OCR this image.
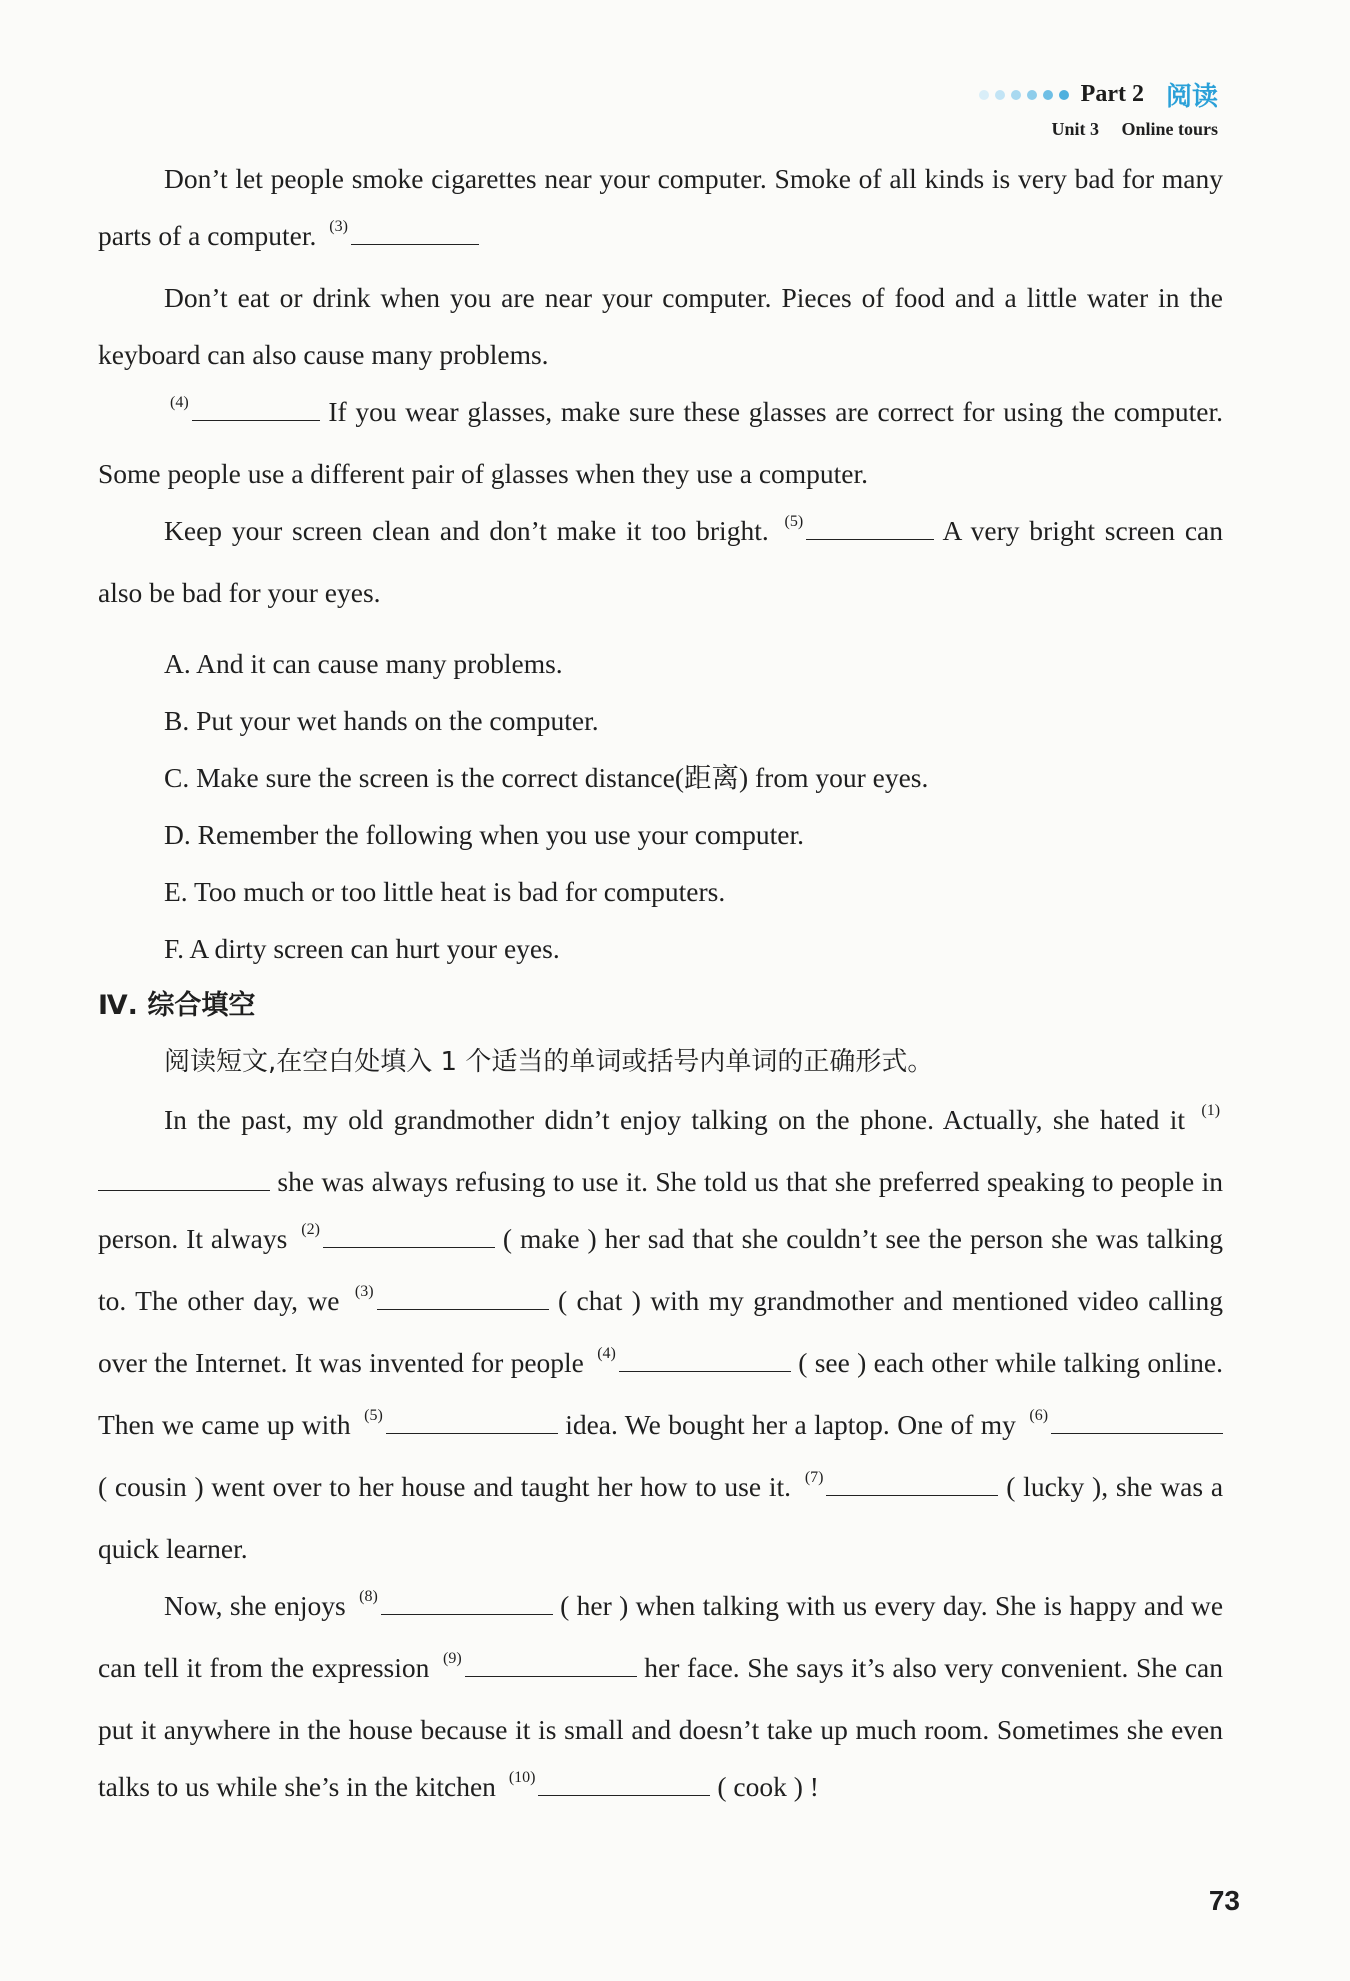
Part 2 阅读
Unit 3 Online tours

Don’t let people smoke cigarettes near your computer. Smoke of all kinds is very bad for many parts of a computer. $^{(3)}$

Don’t eat or drink when you are near your computer. Pieces of food and a little water in the keyboard can also cause many problems.

$^{(4)}$	If you wear glasses, make sure these glasses are correct for using the computer. Some people use a different pair of glasses when they use a computer.

Keep your screen clean and don’t make it too bright. $^{(5)}$	A very bright screen can also be bad for your eyes.

A. And it can cause many problems.

B. Put your wet hands on the computer.

C. Make sure the screen is the correct distance(距离) from your eyes.

D. Remember the following when you use your computer.

E. Too much or too little heat is bad for computers.

F. A dirty screen can hurt your eyes.

Ⅳ. 综合填空

阅读短文,在空白处填入 1 个适当的单词或括号内单词的正确形式。

In the past, my old grandmother didn’t enjoy talking on the phone. Actually, she hated it $^{(1)}$ she was always refusing to use it. She told us that she preferred speaking to people in person. It always $^{(2)}$	( make ) her sad that she couldn’t see the person she was talking to. The other day, we $^{(3)}$	( chat ) with my grandmother and mentioned video calling over the Internet. It was invented for people $^{(4)}$	( see ) each other while talking online. Then we came up with $^{(5)}$	idea. We bought her a laptop. One of my $^{(6)}$ ( cousin ) went over to her house and taught her how to use it. $^{(7)}$	( lucky ), she was a quick learner.

Now, she enjoys $^{(8)}$	( her ) when talking with us every day. She is happy and we can tell it from the expression $^{(9)}$	her face. She says it’s also very convenient. She can put it anywhere in the house because it is small and doesn’t take up much room. Sometimes she even talks to us while she’s in the kitchen $^{(10)}$	( cook ) !

73
